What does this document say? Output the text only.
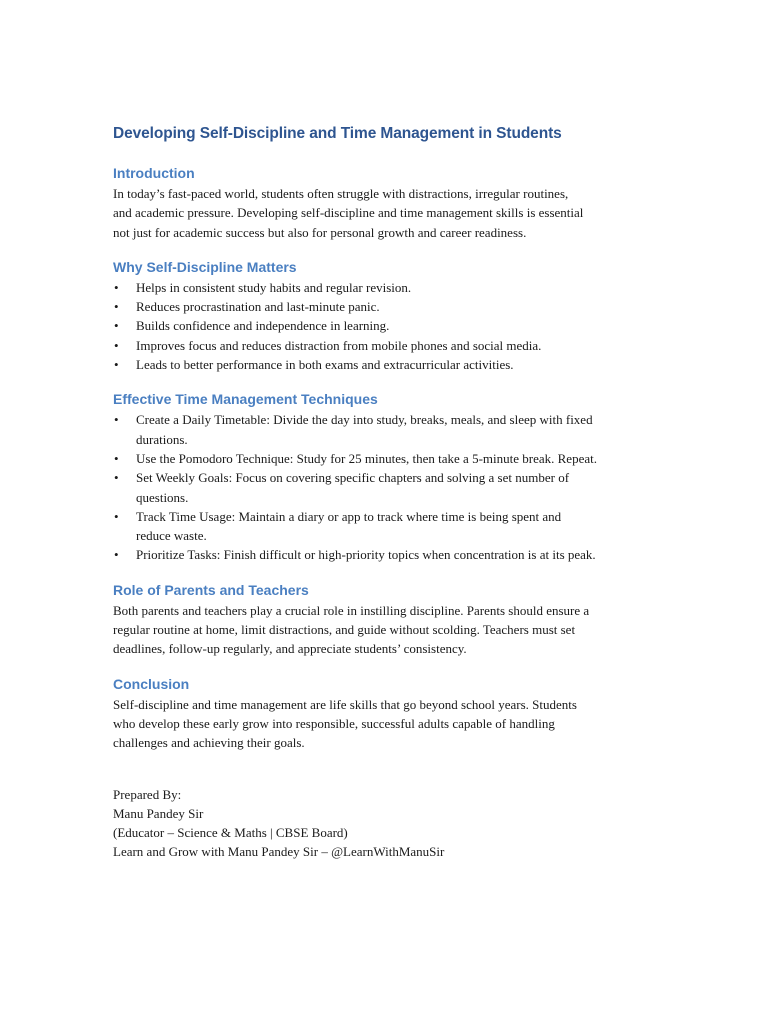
Developing Self-Discipline and Time Management in Students
Introduction

In today’s fast-paced world, students often struggle with distractions, irregular routines,
and academic pressure. Developing self-discipline and time management skills is essential
not just for academic success but also for personal growth and career readiness.

Why Self-Discipline Matters
• Helps in consistent study habits and regular revision.
• Reduces procrastination and last-minute panic.
• Builds confidence and independence in learning.
• Improves focus and reduces distraction from mobile phones and social media.
• Leads to better performance in both exams and extracurricular activities.
Effective Time Management Techniques
• Create a Daily Timetable: Divide the day into study, breaks, meals, and sleep with fixed
durations.
• Use the Pomodoro Technique: Study for 25 minutes, then take a 5-minute break. Repeat.
• Set Weekly Goals: Focus on covering specific chapters and solving a set number of
questions.
• Track Time Usage: Maintain a diary or app to track where time is being spent and
reduce waste.
• Prioritize Tasks: Finish difficult or high-priority topics when concentration is at its peak.
Role of Parents and Teachers

Both parents and teachers play a crucial role in instilling discipline. Parents should ensure a
regular routine at home, limit distractions, and guide without scolding. Teachers must set
deadlines, follow-up regularly, and appreciate students’ consistency.

Conclusion

Self-discipline and time management are life skills that go beyond school years. Students
who develop these early grow into responsible, successful adults capable of handling
challenges and achieving their goals.

Prepared By:
Manu Pandey Sir
(Educator – Science & Maths | CBSE Board)
Learn and Grow with Manu Pandey Sir – @LearnWithManuSir
